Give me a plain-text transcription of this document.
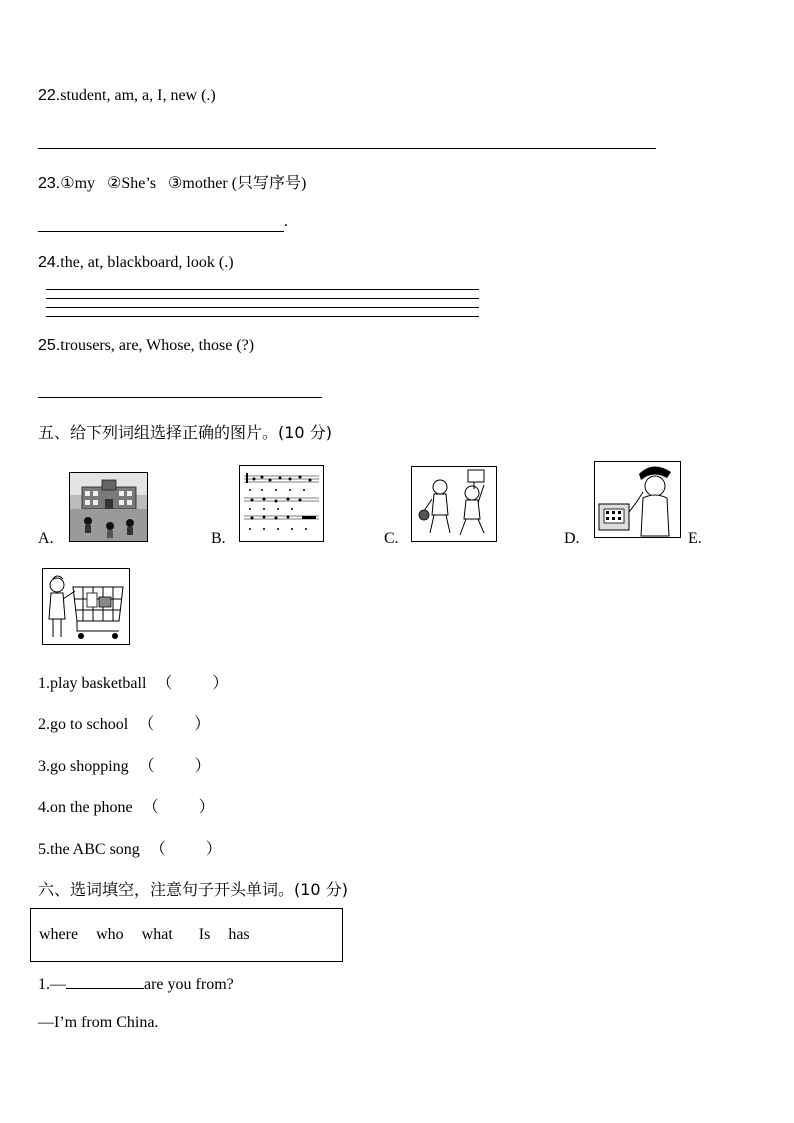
22.student, am, a, I, new (.)
23.①my   ②She’s   ③mother (只写序号)
.
24.the, at, blackboard, look (.)
25.trousers, are, Whose, those (?)
五、给下列词组选择正确的图片。(10 分)
A.	B.	C.	D.	E.
1.play basketball （          ）
2.go to school （          ）
3.go shopping （          ）
4.on the phone （          ）
5.the ABC song （          ）
六、选词填空，注意句子开头单词。(10 分)
where who what Is has
1.—	are you from?
—I’m from China.
